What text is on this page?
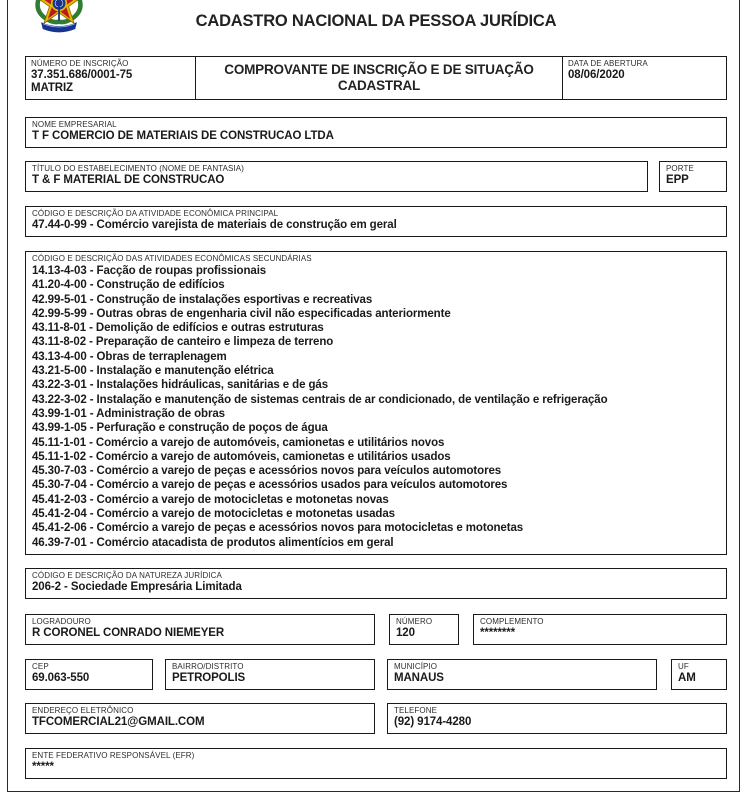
CADASTRO NACIONAL DA PESSOA JURÍDICA
NÚMERO DE INSCRIÇÃO
37.351.686/0001-75
MATRIZ
COMPROVANTE DE INSCRIÇÃO E DE SITUAÇÃO CADASTRAL
DATA DE ABERTURA
08/06/2020
NOME EMPRESARIAL
T F COMERCIO DE MATERIAIS DE CONSTRUCAO LTDA
TÍTULO DO ESTABELECIMENTO (NOME DE FANTASIA)
T & F MATERIAL DE CONSTRUCAO
PORTE
EPP
CÓDIGO E DESCRIÇÃO DA ATIVIDADE ECONÔMICA PRINCIPAL
47.44-0-99 - Comércio varejista de materiais de construção em geral
CÓDIGO E DESCRIÇÃO DAS ATIVIDADES ECONÔMICAS SECUNDÁRIAS
14.13-4-03 - Facção de roupas profissionais
41.20-4-00 - Construção de edifícios
42.99-5-01 - Construção de instalações esportivas e recreativas
42.99-5-99 - Outras obras de engenharia civil não especificadas anteriormente
43.11-8-01 - Demolição de edifícios e outras estruturas
43.11-8-02 - Preparação de canteiro e limpeza de terreno
43.13-4-00 - Obras de terraplenagem
43.21-5-00 - Instalação e manutenção elétrica
43.22-3-01 - Instalações hidráulicas, sanitárias e de gás
43.22-3-02 - Instalação e manutenção de sistemas centrais de ar condicionado, de ventilação e refrigeração
43.99-1-01 - Administração de obras
43.99-1-05 - Perfuração e construção de poços de água
45.11-1-01 - Comércio a varejo de automóveis, camionetas e utilitários novos
45.11-1-02 - Comércio a varejo de automóveis, camionetas e utilitários usados
45.30-7-03 - Comércio a varejo de peças e acessórios novos para veículos automotores
45.30-7-04 - Comércio a varejo de peças e acessórios usados para veículos automotores
45.41-2-03 - Comércio a varejo de motocicletas e motonetas novas
45.41-2-04 - Comércio a varejo de motocicletas e motonetas usadas
45.41-2-06 - Comércio a varejo de peças e acessórios novos para motocicletas e motonetas
46.39-7-01 - Comércio atacadista de produtos alimentícios em geral
CÓDIGO E DESCRIÇÃO DA NATUREZA JURÍDICA
206-2 - Sociedade Empresária Limitada
LOGRADOURO
R CORONEL CONRADO NIEMEYER
NÚMERO
120
COMPLEMENTO
********
CEP
69.063-550
BAIRRO/DISTRITO
PETROPOLIS
MUNICÍPIO
MANAUS
UF
AM
ENDEREÇO ELETRÔNICO
TFCOMERCIAL21@GMAIL.COM
TELEFONE
(92) 9174-4280
ENTE FEDERATIVO RESPONSÁVEL (EFR)
*****
